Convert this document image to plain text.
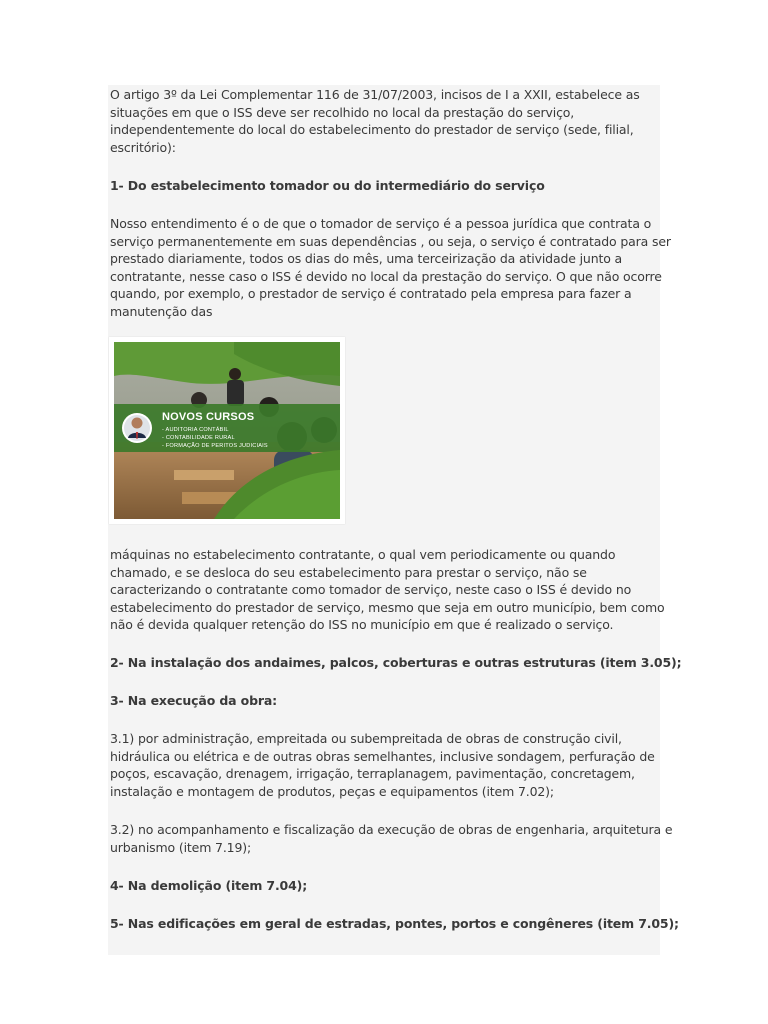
O artigo 3º da Lei Complementar 116 de 31/07/2003, incisos de I a XXII, estabelece as
situações em que o ISS deve ser recolhido no local da prestação do serviço,
independentemente do local do estabelecimento do prestador de serviço (sede, filial,
escritório):
1- Do estabelecimento tomador ou do intermediário do serviço
Nosso entendimento é o de que o tomador de serviço é a pessoa jurídica que contrata o
serviço permanentemente em suas dependências , ou seja, o serviço é contratado para ser
prestado diariamente, todos os dias do mês, uma terceirização da atividade junto a
contratante, nesse caso o ISS é devido no local da prestação do serviço. O que não ocorre
quando, por exemplo, o prestador de serviço é contratado pela empresa para fazer a
manutenção das
NOVOS CURSOS
- AUDITORIA CONTÁBIL
- CONTABILIDADE RURAL
- FORMAÇÃO DE PERITOS JUDICIAIS
máquinas no estabelecimento contratante, o qual vem periodicamente ou quando
chamado, e se desloca do seu estabelecimento para prestar o serviço, não se
caracterizando o contratante como tomador de serviço, neste caso o ISS é devido no
estabelecimento do prestador de serviço, mesmo que seja em outro município, bem como
não é devida qualquer retenção do ISS no município em que é realizado o serviço.
2- Na instalação dos andaimes, palcos, coberturas e outras estruturas (item 3.05);
3- Na execução da obra:
3.1) por administração, empreitada ou subempreitada de obras de construção civil,
hidráulica ou elétrica e de outras obras semelhantes, inclusive sondagem, perfuração de
poços, escavação, drenagem, irrigação, terraplanagem, pavimentação, concretagem,
instalação e montagem de produtos, peças e equipamentos (item 7.02);
3.2) no acompanhamento e fiscalização da execução de obras de engenharia, arquitetura e
urbanismo (item 7.19);
4- Na demolição (item 7.04);
5- Nas edificações em geral de estradas, pontes, portos e congêneres (item 7.05);
